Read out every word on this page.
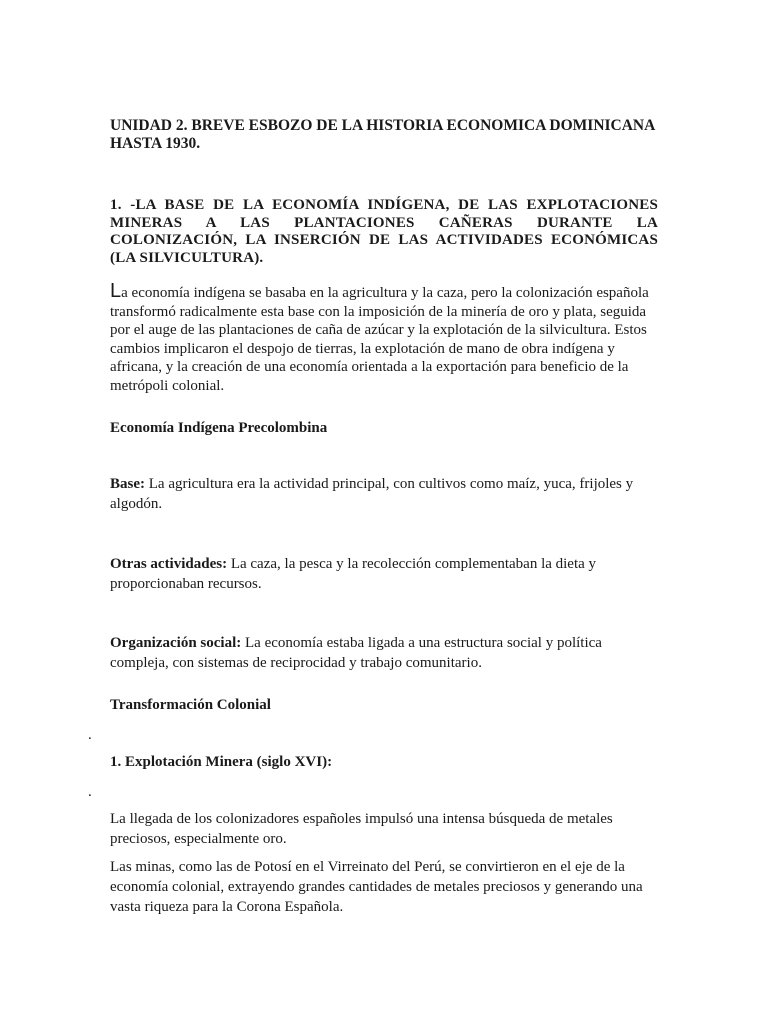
UNIDAD 2. BREVE ESBOZO DE LA HISTORIA ECONOMICA DOMINICANA HASTA 1930.

1. -LA BASE DE LA ECONOMÍA INDÍGENA, DE LAS EXPLOTACIONES MINERAS A LAS PLANTACIONES CAÑERAS DURANTE LA COLONIZACIÓN, LA INSERCIÓN DE LAS ACTIVIDADES ECONÓMICAS (LA SILVICULTURA).

La economía indígena se basaba en la agricultura y la caza, pero la colonización española transformó radicalmente esta base con la imposición de la minería de oro y plata, seguida por el auge de las plantaciones de caña de azúcar y la explotación de la silvicultura. Estos cambios implicaron el despojo de tierras, la explotación de mano de obra indígena y africana, y la creación de una economía orientada a la exportación para beneficio de la metrópoli colonial.

Economía Indígena Precolombina

Base: La agricultura era la actividad principal, con cultivos como maíz, yuca, frijoles y algodón.

Otras actividades: La caza, la pesca y la recolección complementaban la dieta y proporcionaban recursos.

Organización social: La economía estaba ligada a una estructura social y política compleja, con sistemas de reciprocidad y trabajo comunitario.

Transformación Colonial

.

1. Explotación Minera (siglo XVI):

.

La llegada de los colonizadores españoles impulsó una intensa búsqueda de metales preciosos, especialmente oro.

Las minas, como las de Potosí en el Virreinato del Perú, se convirtieron en el eje de la economía colonial, extrayendo grandes cantidades de metales preciosos y generando una vasta riqueza para la Corona Española.
